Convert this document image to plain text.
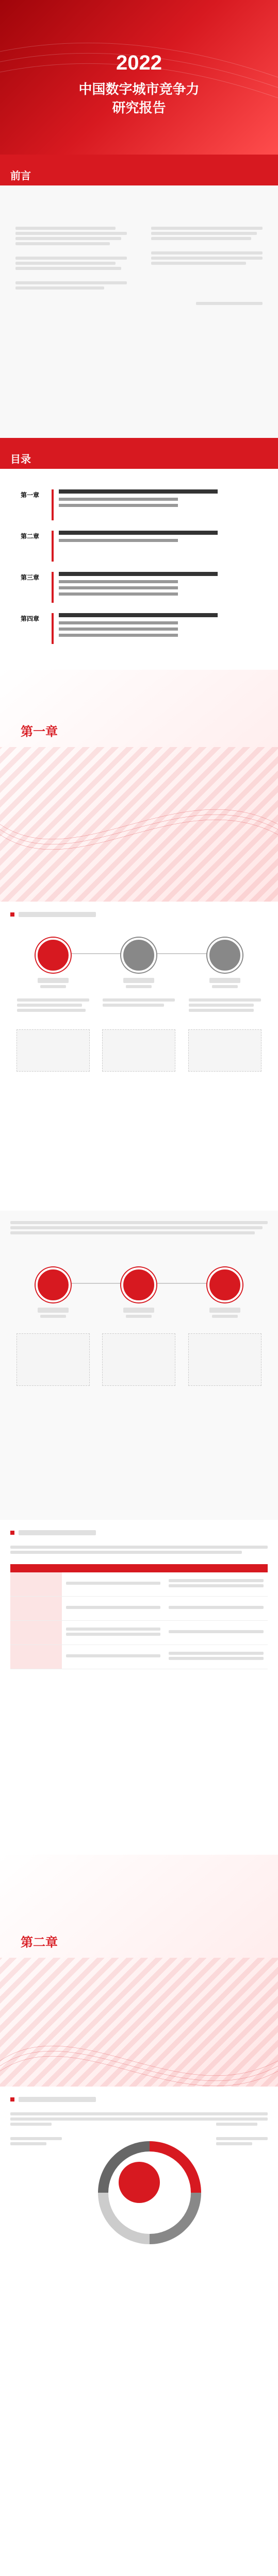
2022
中国数字城市竞争力
研究报告
前言

目录
第一章
第二章
第三章
第四章
第一章

第二章
